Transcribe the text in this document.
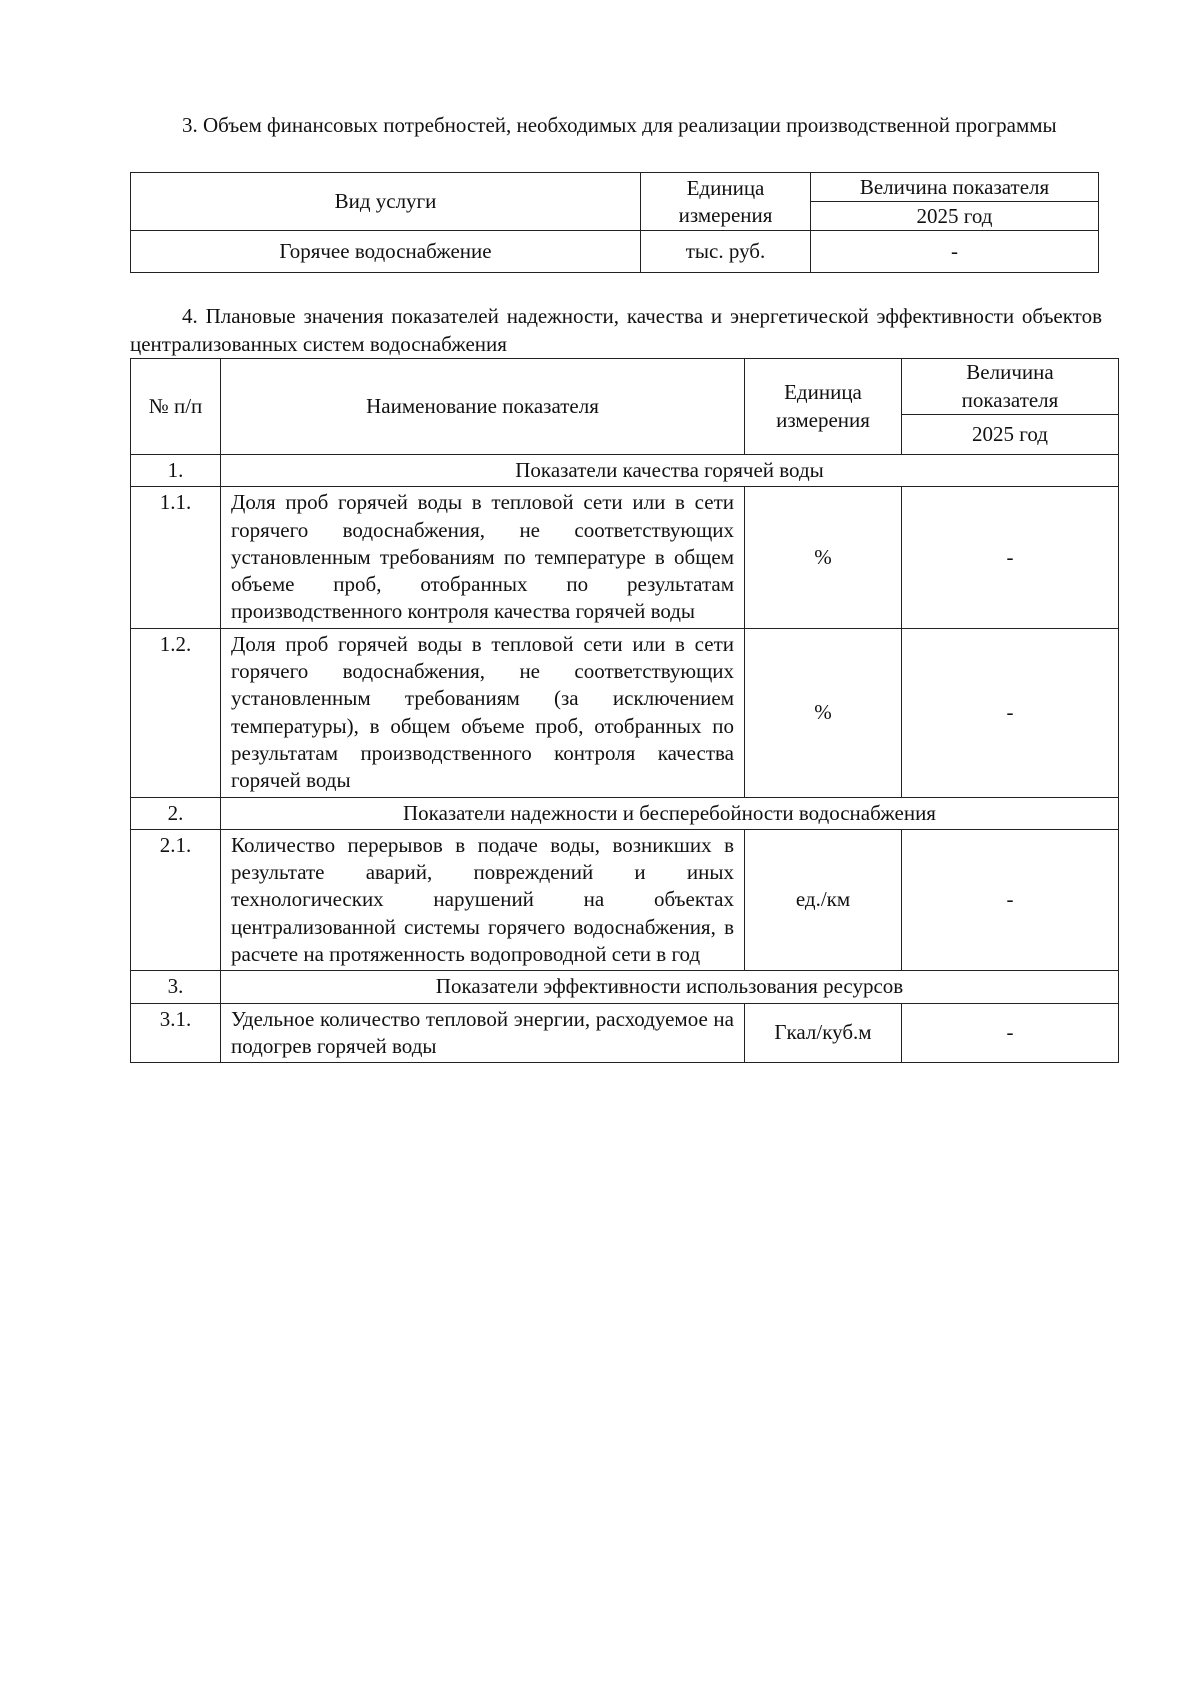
3. Объем финансовых потребностей, необходимых для реализации производственной программы

Вид услуги	Единица измерения	Величина показателя
		2025 год
Горячее водоснабжение	тыс. руб.	-

4. Плановые значения показателей надежности, качества и энергетической эффективности объектов централизованных систем водоснабжения

№ п/п	Наименование показателя	Единица измерения	Величина показателя
			2025 год
1.	Показатели качества горячей воды		
1.1.	Доля проб горячей воды в тепловой сети или в сети горячего водоснабжения, не соответствующих установленным требованиям по температуре в общем объеме проб, отобранных по результатам производственного контроля качества горячей воды	%	-
1.2.	Доля проб горячей воды в тепловой сети или в сети горячего водоснабжения, не соответствующих установленным требованиям (за исключением температуры), в общем объеме проб, отобранных по результатам производственного контроля качества горячей воды	%	-
2.	Показатели надежности и бесперебойности водоснабжения		
2.1.	Количество перерывов в подаче воды, возникших в результате аварий, повреждений и иных технологических нарушений на объектах централизованной системы горячего водоснабжения, в расчете на протяженность водопроводной сети в год	ед./км	-
3.	Показатели эффективности использования ресурсов		
3.1.	Удельное количество тепловой энергии, расходуемое на подогрев горячей воды	Гкал/куб.м	-
